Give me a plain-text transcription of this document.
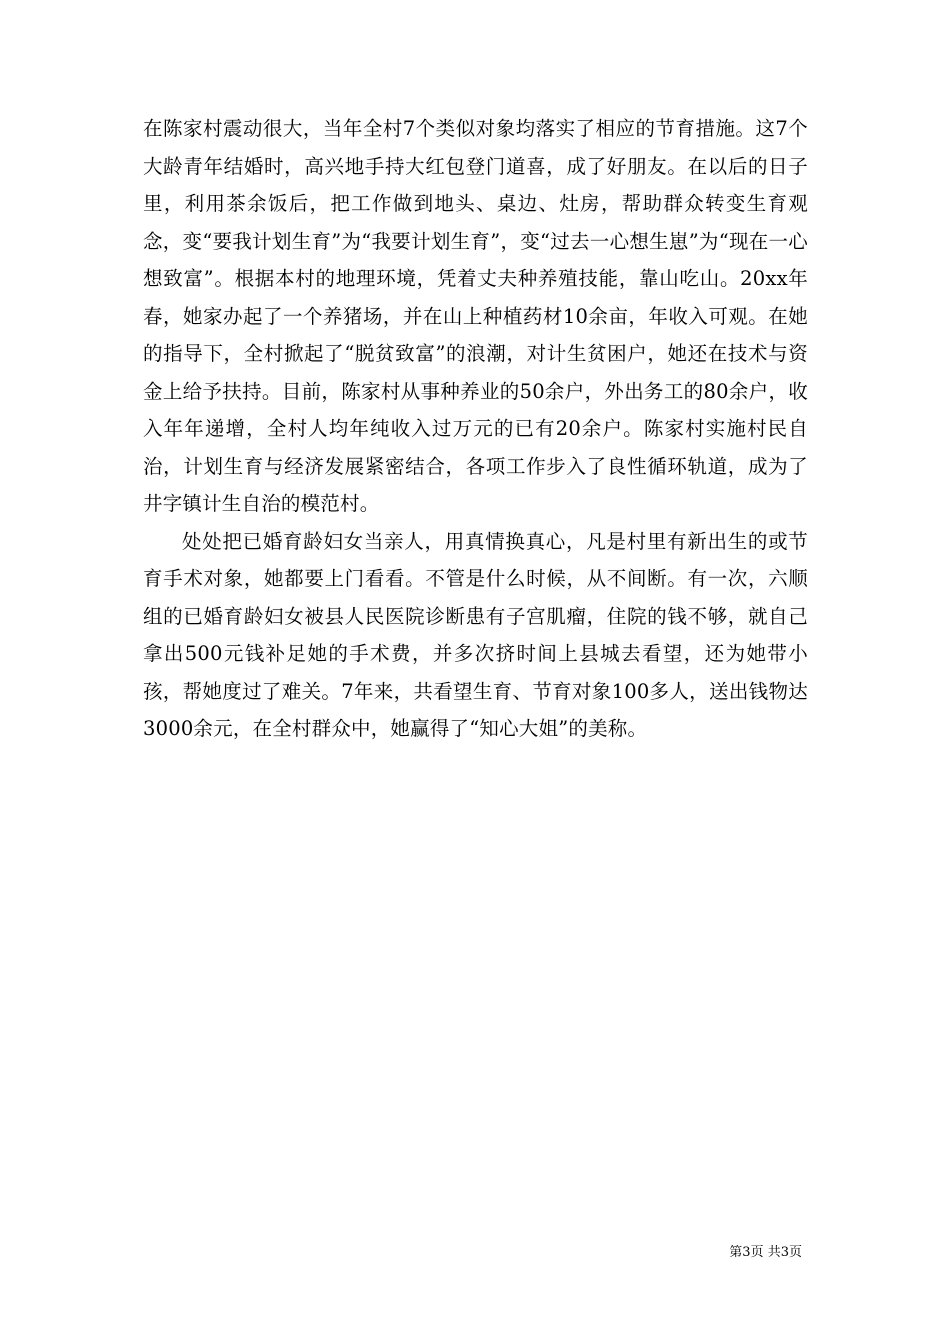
在陈家村震动很大，当年全村7个类似对象均落实了相应的节育措施。这7个大龄青年结婚时，高兴地手持大红包登门道喜，成了好朋友。在以后的日子里，利用茶余饭后，把工作做到地头、桌边、灶房，帮助群众转变生育观念，变“要我计划生育”为“我要计划生育”，变“过去一心想生崽”为“现在一心想致富”。根据本村的地理环境，凭着丈夫种养殖技能，靠山吃山。20xx年春，她家办起了一个养猪场，并在山上种植药材10余亩，年收入可观。在她的指导下，全村掀起了“脱贫致富”的浪潮，对计生贫困户，她还在技术与资金上给予扶持。目前，陈家村从事种养业的50余户，外出务工的80余户，收入年年递增，全村人均年纯收入过万元的已有20余户。陈家村实施村民自治，计划生育与经济发展紧密结合，各项工作步入了良性循环轨道，成为了井字镇计生自治的模范村。

处处把已婚育龄妇女当亲人，用真情换真心，凡是村里有新出生的或节育手术对象，她都要上门看看。不管是什么时候，从不间断。有一次，六顺组的已婚育龄妇女被县人民医院诊断患有子宫肌瘤，住院的钱不够，就自己拿出500元钱补足她的手术费，并多次挤时间上县城去看望，还为她带小孩，帮她度过了难关。7年来，共看望生育、节育对象100多人，送出钱物达3000余元，在全村群众中，她赢得了“知心大姐”的美称。

第3页 共3页
